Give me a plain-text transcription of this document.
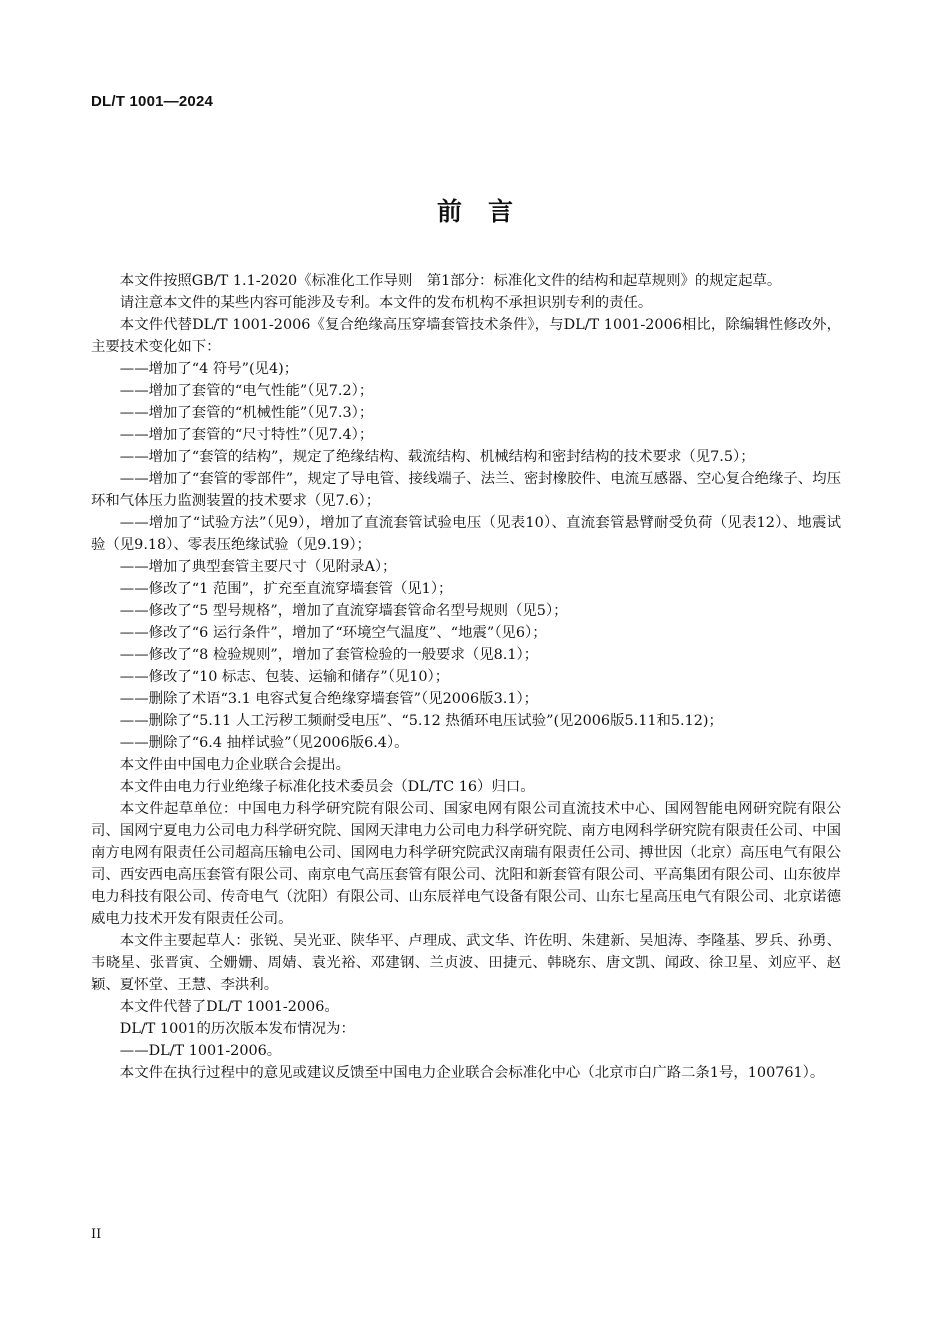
DL/T 1001—2024
前言

本文件按照GB/T 1.1-2020《标准化工作导则　第1部分：标准化文件的结构和起草规则》的规定起草。

请注意本文件的某些内容可能涉及专利。本文件的发布机构不承担识别专利的责任。

本文件代替DL/T 1001-2006《复合绝缘高压穿墙套管技术条件》，与DL/T 1001-2006相比，除编辑性修改外，主要技术变化如下：

——增加了“4 符号”(见4)；

——增加了套管的“电气性能”（见7.2）；

——增加了套管的“机械性能”（见7.3）；

——增加了套管的“尺寸特性”（见7.4）；

——增加了“套管的结构”，规定了绝缘结构、载流结构、机械结构和密封结构的技术要求（见7.5）；

——增加了“套管的零部件”，规定了导电管、接线端子、法兰、密封橡胶件、电流互感器、空心复合绝缘子、均压环和气体压力监测装置的技术要求（见7.6）；

——增加了“试验方法”（见9），增加了直流套管试验电压（见表10）、直流套管悬臂耐受负荷（见表12）、地震试验（见9.18）、零表压绝缘试验（见9.19）；

——增加了典型套管主要尺寸（见附录A）；

——修改了“1 范围”，扩充至直流穿墙套管（见1）；

——修改了“5 型号规格”，增加了直流穿墙套管命名型号规则（见5）；

——修改了“6 运行条件”，增加了“环境空气温度”、“地震”（见6）；

——修改了“8 检验规则”，增加了套管检验的一般要求（见8.1）；

——修改了“10 标志、包装、运输和储存”（见10）；

——删除了术语“3.1 电容式复合绝缘穿墙套管”（见2006版3.1）；

——删除了“5.11 人工污秽工频耐受电压”、“5.12 热循环电压试验”(见2006版5.11和5.12)；

——删除了“6.4 抽样试验”（见2006版6.4）。

本文件由中国电力企业联合会提出。

本文件由电力行业绝缘子标准化技术委员会（DL/TC 16）归口。

本文件起草单位：中国电力科学研究院有限公司、国家电网有限公司直流技术中心、国网智能电网研究院有限公司、国网宁夏电力公司电力科学研究院、国网天津电力公司电力科学研究院、南方电网科学研究院有限责任公司、中国南方电网有限责任公司超高压输电公司、国网电力科学研究院武汉南瑞有限责任公司、搏世因（北京）高压电气有限公司、西安西电高压套管有限公司、南京电气高压套管有限公司、沈阳和新套管有限公司、平高集团有限公司、山东彼岸电力科技有限公司、传奇电气（沈阳）有限公司、山东辰祥电气设备有限公司、山东七星高压电气有限公司、北京诺德威电力技术开发有限责任公司。

本文件主要起草人：张锐、吴光亚、陕华平、卢理成、武文华、许佐明、朱建新、吴旭涛、李隆基、罗兵、孙勇、韦晓星、张晋寅、仝姗姗、周婧、袁光裕、邓建钢、兰贞波、田捷元、韩晓东、唐文凯、闻政、徐卫星、刘应平、赵颖、夏怀堂、王慧、李洪利。

本文件代替了DL/T 1001-2006。

DL/T 1001的历次版本发布情况为：

——DL/T 1001-2006。

本文件在执行过程中的意见或建议反馈至中国电力企业联合会标准化中心（北京市白广路二条1号，100761）。

II
